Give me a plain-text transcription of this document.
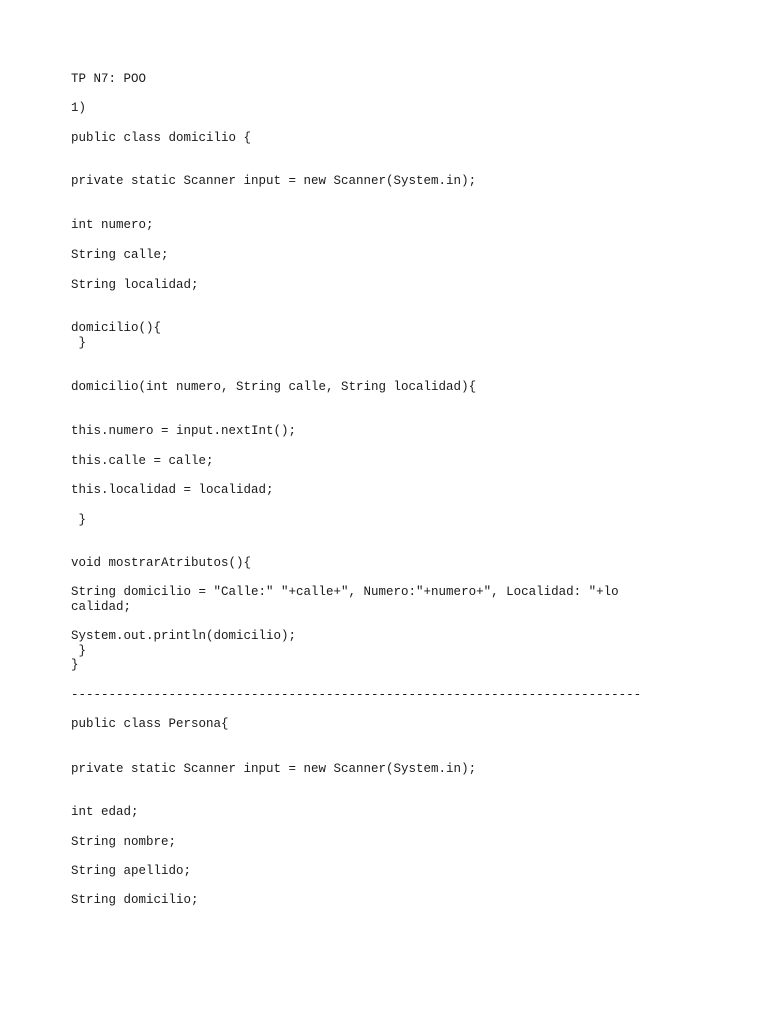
TP N7: POO

1)

public class domicilio {

private static Scanner input = new Scanner(System.in);

int numero;

String calle;

String localidad;

domicilio(){

}

domicilio(int numero, String calle, String localidad){

this.numero = input.nextInt();

this.calle = calle;

this.localidad = localidad;

}

void mostrarAtributos(){

String domicilio = "Calle:" "+calle+", Numero:"+numero+", Localidad: "+lo

calidad;

System.out.println(domicilio);

}

}

----------------------------------------------------------------------------

public class Persona{

private static Scanner input = new Scanner(System.in);

int edad;

String nombre;

String apellido;

String domicilio;
